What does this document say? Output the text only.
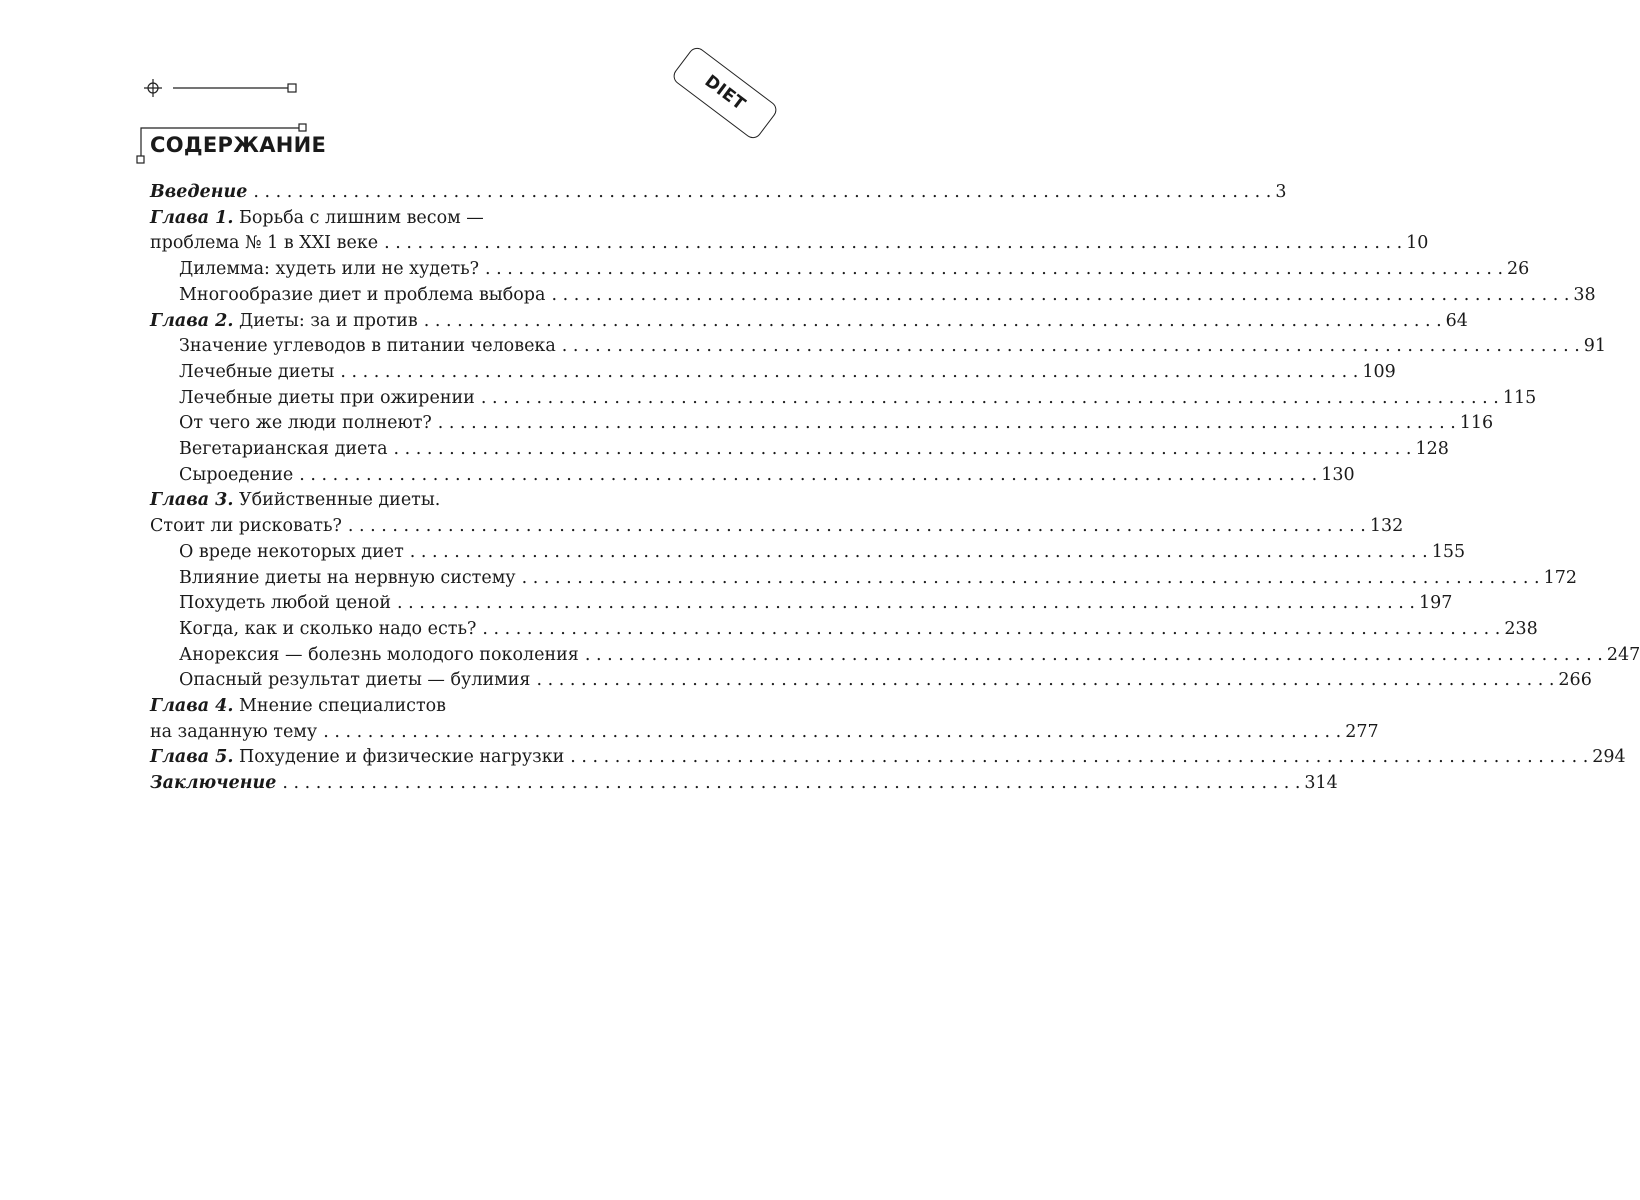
DIET
СОДЕРЖАНИЕ
Введение . . .	3
Глава 1. Борьба с лишним весом —
проблема № 1 в XXI веке . . .	10
Дилемма: худеть или не худеть? . . .	26
Многообразие диет и проблема выбора . . .	38
Глава 2. Диеты: за и против . . .	64
Значение углеводов в питании человека . . .	91
Лечебные диеты . . .	109
Лечебные диеты при ожирении . . .	115
От чего же люди полнеют? . . .	116
Вегетарианская диета . . .	128
Сыроедение . . .	130
Глава 3. Убийственные диеты.
Стоит ли рисковать? . . .	132
О вреде некоторых диет . . .	155
Влияние диеты на нервную систему . . .	172
Похудеть любой ценой . . .	197
Когда, как и сколько надо есть? . . .	238
Анорексия — болезнь молодого поколения . . .	247
Опасный результат диеты — булимия . . .	266
Глава 4. Мнение специалистов
на заданную тему . . .	277
Глава 5. Похудение и физические нагрузки . . .	294
Заключение . . .	314
